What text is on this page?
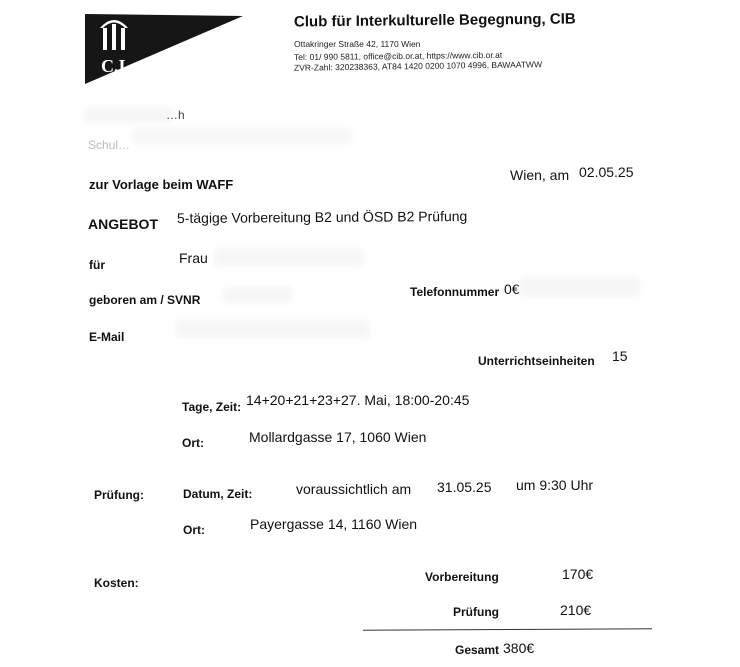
C.I.
Club für Interkulturelle Begegnung, CIB
Ottakringer Straße 42, 1170 Wien
Tel: 01/ 990 5811, office@cib.or.at, https://www.cib.or.at
ZVR-Zahl: 320238363, AT84 1420 0200 1070 4996, BAWAATWW
…h
Schul…
zur Vorlage beim WAFF
Wien, am 02.05.25
ANGEBOT 5-tägige Vorbereitung B2 und ÖSD B2 Prüfung
für	Frau
geboren am / SVNR
Telefonnummer 0€
E-Mail
Unterrichtseinheiten 15
Tage, Zeit: 14+20+21+23+27. Mai, 18:00-20:45
Ort:	Mollardgasse 17, 1060 Wien
Prüfung:	Datum, Zeit:	voraussichtlich am 31.05.25 um 9:30 Uhr
Ort:	Payergasse 14, 1160 Wien
Kosten:	Vorbereitung	170€
Prüfung	210€
Gesamt 380€
